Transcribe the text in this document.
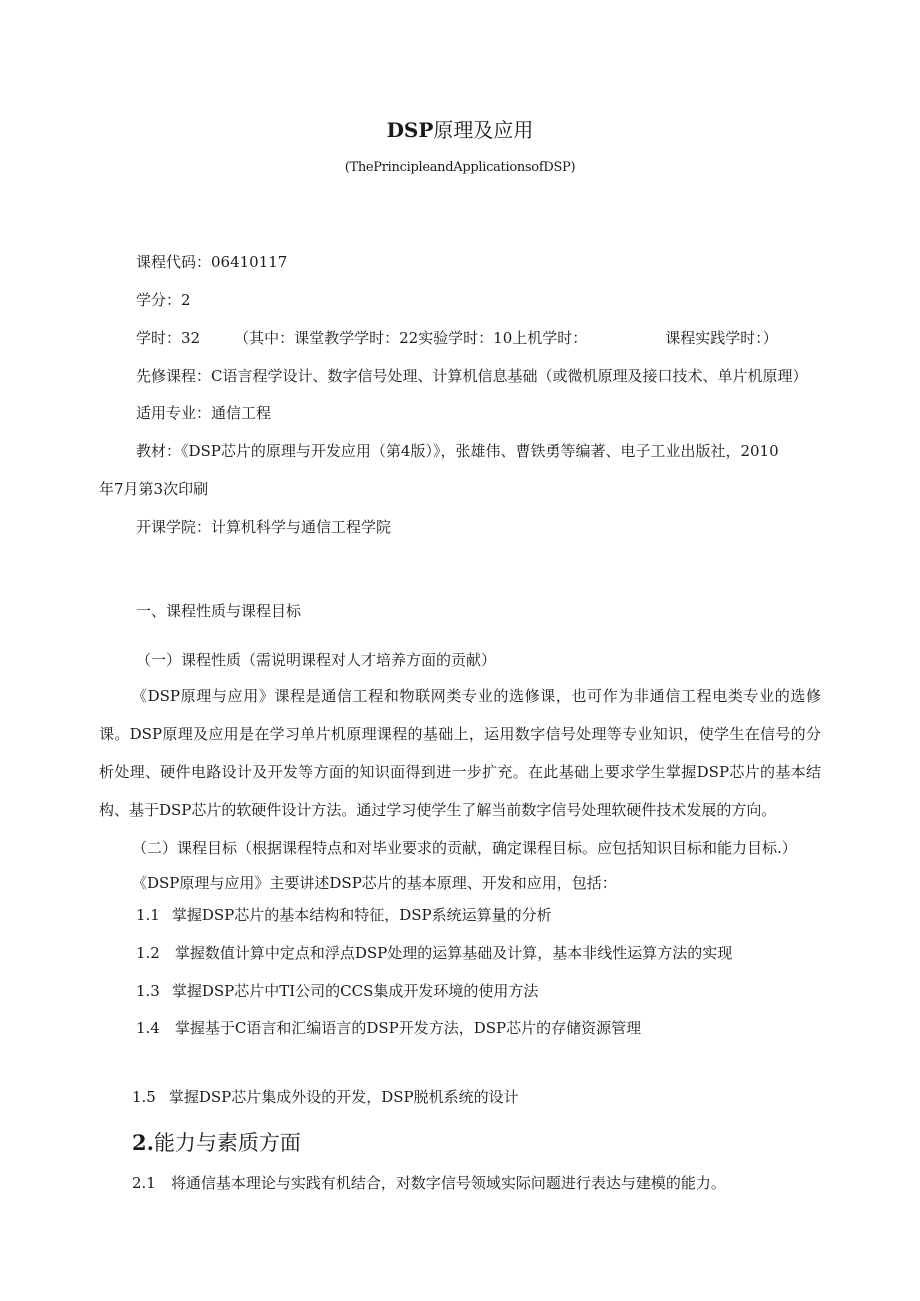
DSP原理及应用
(ThePrincipleandApplicationsofDSP)
课程代码：06410117
学分：2
学时：32 （其中：课堂教学学时：22实验学时：10上机学时：	课程实践学时：）
先修课程：C语言程学设计、数字信号处理、计算机信息基础（或微机原理及接口技术、单片机原理）
适用专业：通信工程
教材：《DSP芯片的原理与开发应用（第4版）》，张雄伟、曹铁勇等编著、电子工业出版社，2010
年7月第3次印刷
开课学院：计算机科学与通信工程学院
一、课程性质与课程目标
（一）课程性质（需说明课程对人才培养方面的贡献）
《DSP原理与应用》课程是通信工程和物联网类专业的选修课，也可作为非通信工程电类专业的选修课。DSP原理及应用是在学习单片机原理课程的基础上，运用数字信号处理等专业知识，使学生在信号的分析处理、硬件电路设计及开发等方面的知识面得到进一步扩充。在此基础上要求学生掌握DSP芯片的基本结构、基于DSP芯片的软硬件设计方法。通过学习使学生了解当前数字信号处理软硬件技术发展的方向。
（二）课程目标（根据课程特点和对毕业要求的贡献，确定课程目标。应包括知识目标和能力目标.）
《DSP原理与应用》主要讲述DSP芯片的基本原理、开发和应用，包括：
1.1 掌握DSP芯片的基本结构和特征，DSP系统运算量的分析
1.2 掌握数值计算中定点和浮点DSP处理的运算基础及计算，基本非线性运算方法的实现
1.3 掌握DSP芯片中TI公司的CCS集成开发环境的使用方法
1.4 掌握基于C语言和汇编语言的DSP开发方法，DSP芯片的存储资源管理
1.5 掌握DSP芯片集成外设的开发，DSP脱机系统的设计
2.能力与素质方面
2.1 将通信基本理论与实践有机结合，对数字信号领域实际问题进行表达与建模的能力。
